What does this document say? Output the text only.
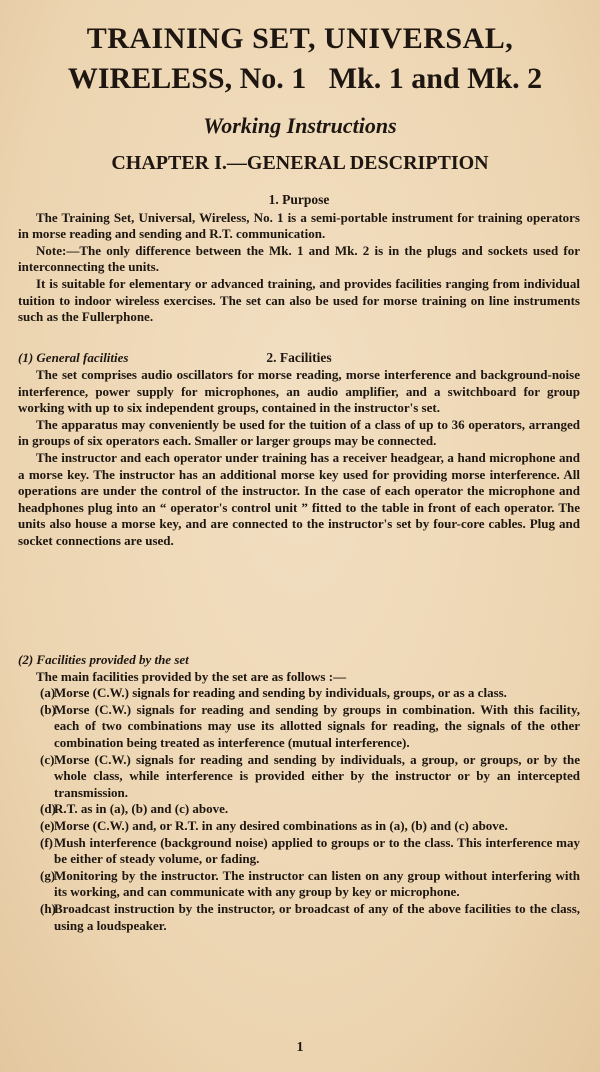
TRAINING SET, UNIVERSAL,
WIRELESS, No. 1   Mk. 1 and Mk. 2
Working Instructions
CHAPTER I.—GENERAL DESCRIPTION
1. Purpose

The Training Set, Universal, Wireless, No. 1 is a semi-portable instrument for training operators in morse reading and sending and R.T. communication.

Note:—The only difference between the Mk. 1 and Mk. 2 is in the plugs and sockets used for interconnecting the units.

It is suitable for elementary or advanced training, and provides facilities ranging from individual tuition to indoor wireless exercises. The set can also be used for morse training on line instruments such as the Fullerphone.

(1) General facilities	2. Facilities

The set comprises audio oscillators for morse reading, morse interference and background-noise interference, power supply for microphones, an audio amplifier, and a switchboard for group working with up to six independent groups, contained in the instructor's set.

The apparatus may conveniently be used for the tuition of a class of up to 36 operators, arranged in groups of six operators each. Smaller or larger groups may be connected.

The instructor and each operator under training has a receiver headgear, a hand microphone and a morse key. The instructor has an additional morse key used for providing morse interference. All operations are under the control of the instructor. In the case of each operator the microphone and headphones plug into an “ operator's control unit ” fitted to the table in front of each operator. The units also house a morse key, and are connected to the instructor's set by four-core cables. Plug and socket connections are used.

(2) Facilities provided by the set

The main facilities provided by the set are as follows :—

(a)
Morse (C.W.) signals for reading and sending by individuals, groups, or as a class.
(b)
Morse (C.W.) signals for reading and sending by groups in combination. With this facility, each of two combinations may use its allotted signals for reading, the signals of the other combination being treated as interference (mutual interference).
(c) Morse (C.W.) signals for reading and sending by individuals, a group, or groups, or by the whole class, while interference is provided either by the instructor or by an intercepted transmission.
(d)
R.T. as in (a), (b) and (c) above.
(e) Morse (C.W.) and, or R.T. in any desired combinations as in (a), (b) and (c) above.
(f) Mush interference (background noise) applied to groups or to the class. This interference may be either of steady volume, or fading.
(g)
Monitoring by the instructor. The instructor can listen on any group without interfering with its working, and can communicate with any group by key or microphone.
(h)
Broadcast instruction by the instructor, or broadcast of any of the above facilities to the class, using a loudspeaker.
1
